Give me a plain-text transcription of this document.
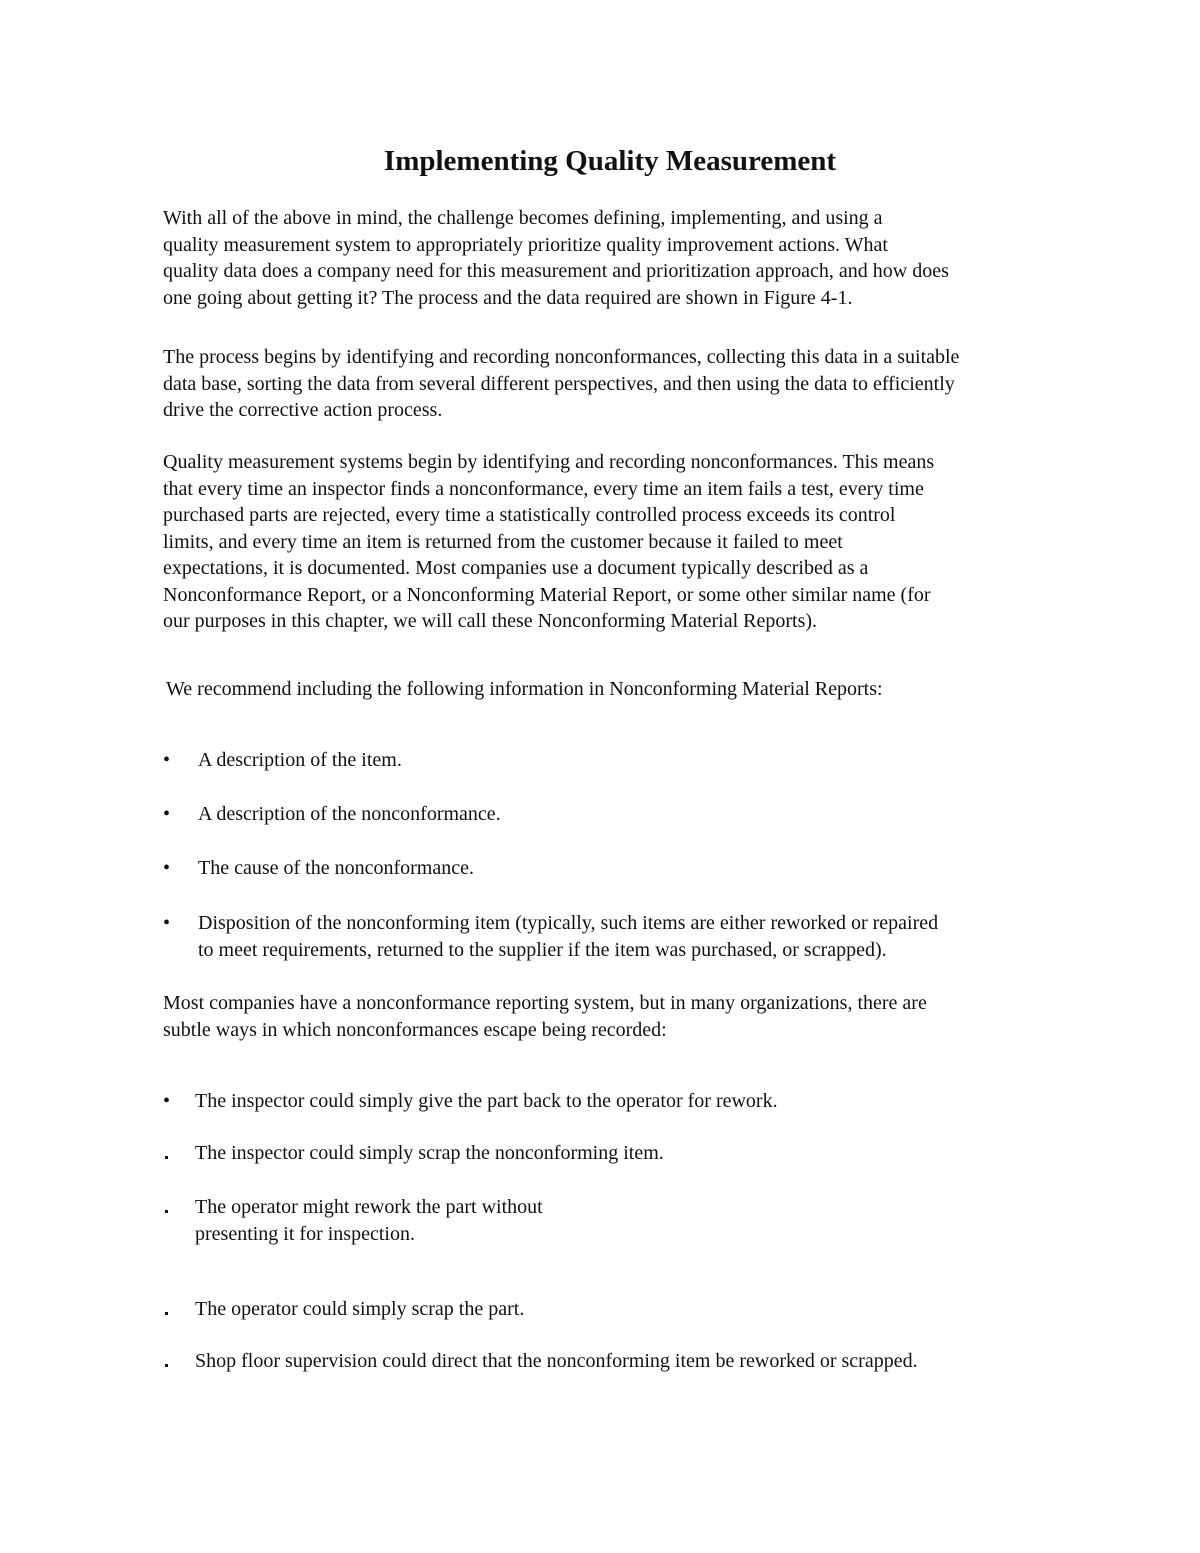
Implementing Quality Measurement

With all of the above in mind, the challenge becomes defining, implementing, and using a
quality measurement system to appropriately prioritize quality improvement actions. What
quality data does a company need for this measurement and prioritization approach, and how does
one going about getting it? The process and the data required are shown in Figure 4-1.

The process begins by identifying and recording nonconformances, collecting this data in a suitable
data base, sorting the data from several different perspectives, and then using the data to efficiently
drive the corrective action process.

Quality measurement systems begin by identifying and recording nonconformances. This means
that every time an inspector finds a nonconformance, every time an item fails a test, every time
purchased parts are rejected, every time a statistically controlled process exceeds its control
limits, and every time an item is returned from the customer because it failed to meet
expectations, it is documented. Most companies use a document typically described as a
Nonconformance Report, or a Nonconforming Material Report, or some other similar name (for
our purposes in this chapter, we will call these Nonconforming Material Reports).

We recommend including the following information in Nonconforming Material Reports:

•	A description of the item.
•	A description of the nonconformance.
•	The cause of the nonconformance.
•	Disposition of the nonconforming item (typically, such items are either reworked or repaired
to meet requirements, returned to the supplier if the item was purchased, or scrapped).

Most companies have a nonconformance reporting system, but in many organizations, there are
subtle ways in which nonconformances escape being recorded:

•	The inspector could simply give the part back to the operator for rework.
The inspector could simply scrap the nonconforming item.
The operator might rework the part without
presenting it for inspection.
The operator could simply scrap the part.
Shop floor supervision could direct that the nonconforming item be reworked or scrapped.
